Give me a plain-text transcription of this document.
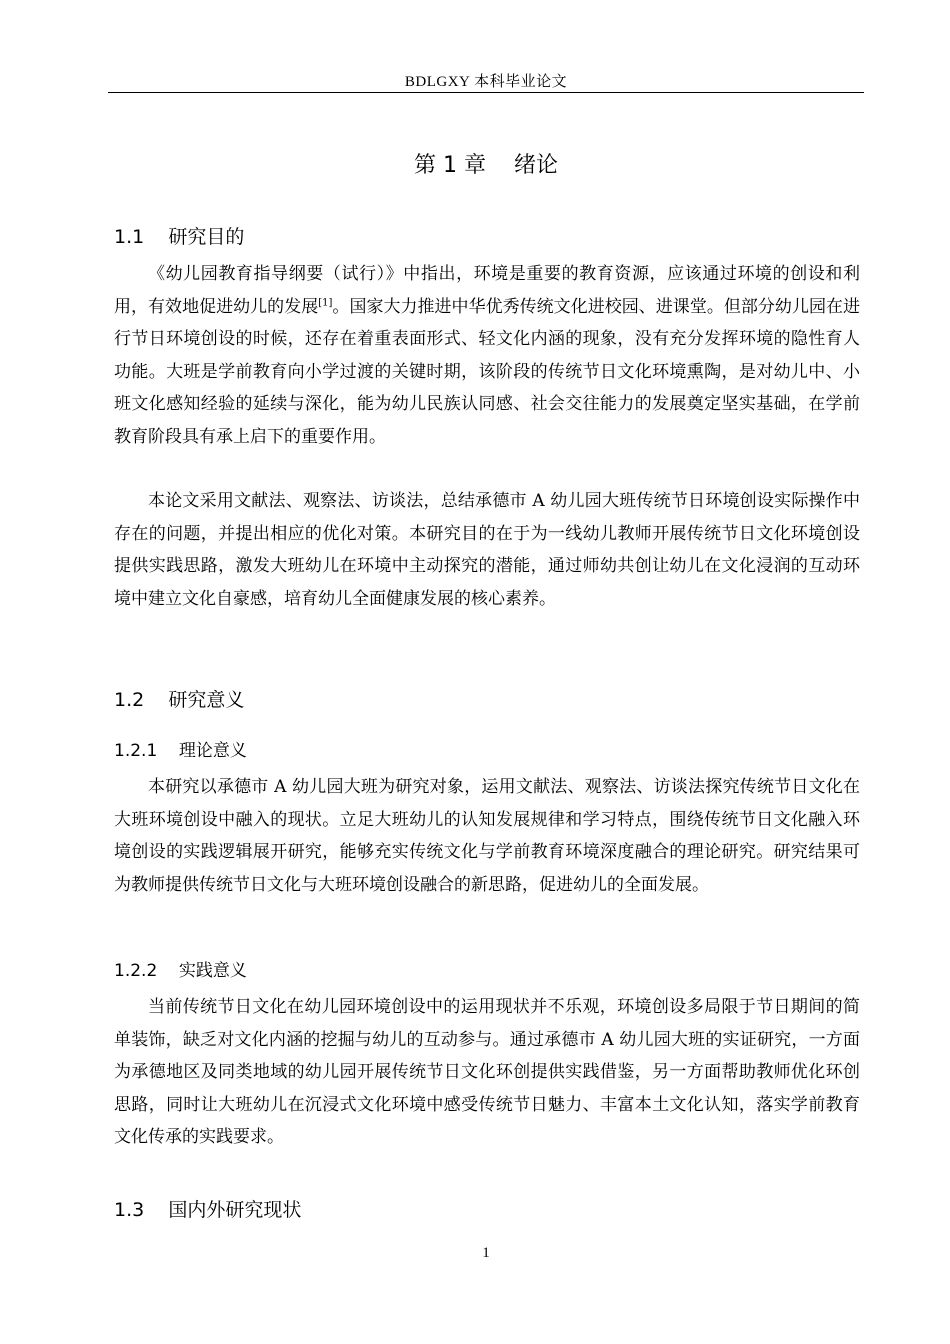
BDLGXY 本科毕业论文
第 1 章    绪论
1.1    研究目的
《幼儿园教育指导纲要（试行）》中指出，环境是重要的教育资源，应该通过环境的创设和利用，有效地促进幼儿的发展[1]。国家大力推进中华优秀传统文化进校园、进课堂。但部分幼儿园在进行节日环境创设的时候，还存在着重表面形式、轻文化内涵的现象，没有充分发挥环境的隐性育人功能。大班是学前教育向小学过渡的关键时期，该阶段的传统节日文化环境熏陶，是对幼儿中、小班文化感知经验的延续与深化，能为幼儿民族认同感、社会交往能力的发展奠定坚实基础，在学前教育阶段具有承上启下的重要作用。
本论文采用文献法、观察法、访谈法，总结承德市 A 幼儿园大班传统节日环境创设实际操作中存在的问题，并提出相应的优化对策。本研究目的在于为一线幼儿教师开展传统节日文化环境创设提供实践思路，激发大班幼儿在环境中主动探究的潜能，通过师幼共创让幼儿在文化浸润的互动环境中建立文化自豪感，培育幼儿全面健康发展的核心素养。
1.2    研究意义
1.2.1    理论意义
本研究以承德市 A 幼儿园大班为研究对象，运用文献法、观察法、访谈法探究传统节日文化在大班环境创设中融入的现状。立足大班幼儿的认知发展规律和学习特点，围绕传统节日文化融入环境创设的实践逻辑展开研究，能够充实传统文化与学前教育环境深度融合的理论研究。研究结果可为教师提供传统节日文化与大班环境创设融合的新思路，促进幼儿的全面发展。
1.2.2    实践意义
当前传统节日文化在幼儿园环境创设中的运用现状并不乐观，环境创设多局限于节日期间的简单装饰，缺乏对文化内涵的挖掘与幼儿的互动参与。通过承德市 A 幼儿园大班的实证研究，一方面为承德地区及同类地域的幼儿园开展传统节日文化环创提供实践借鉴，另一方面帮助教师优化环创思路，同时让大班幼儿在沉浸式文化环境中感受传统节日魅力、丰富本土文化认知，落实学前教育文化传承的实践要求。
1.3    国内外研究现状
1
